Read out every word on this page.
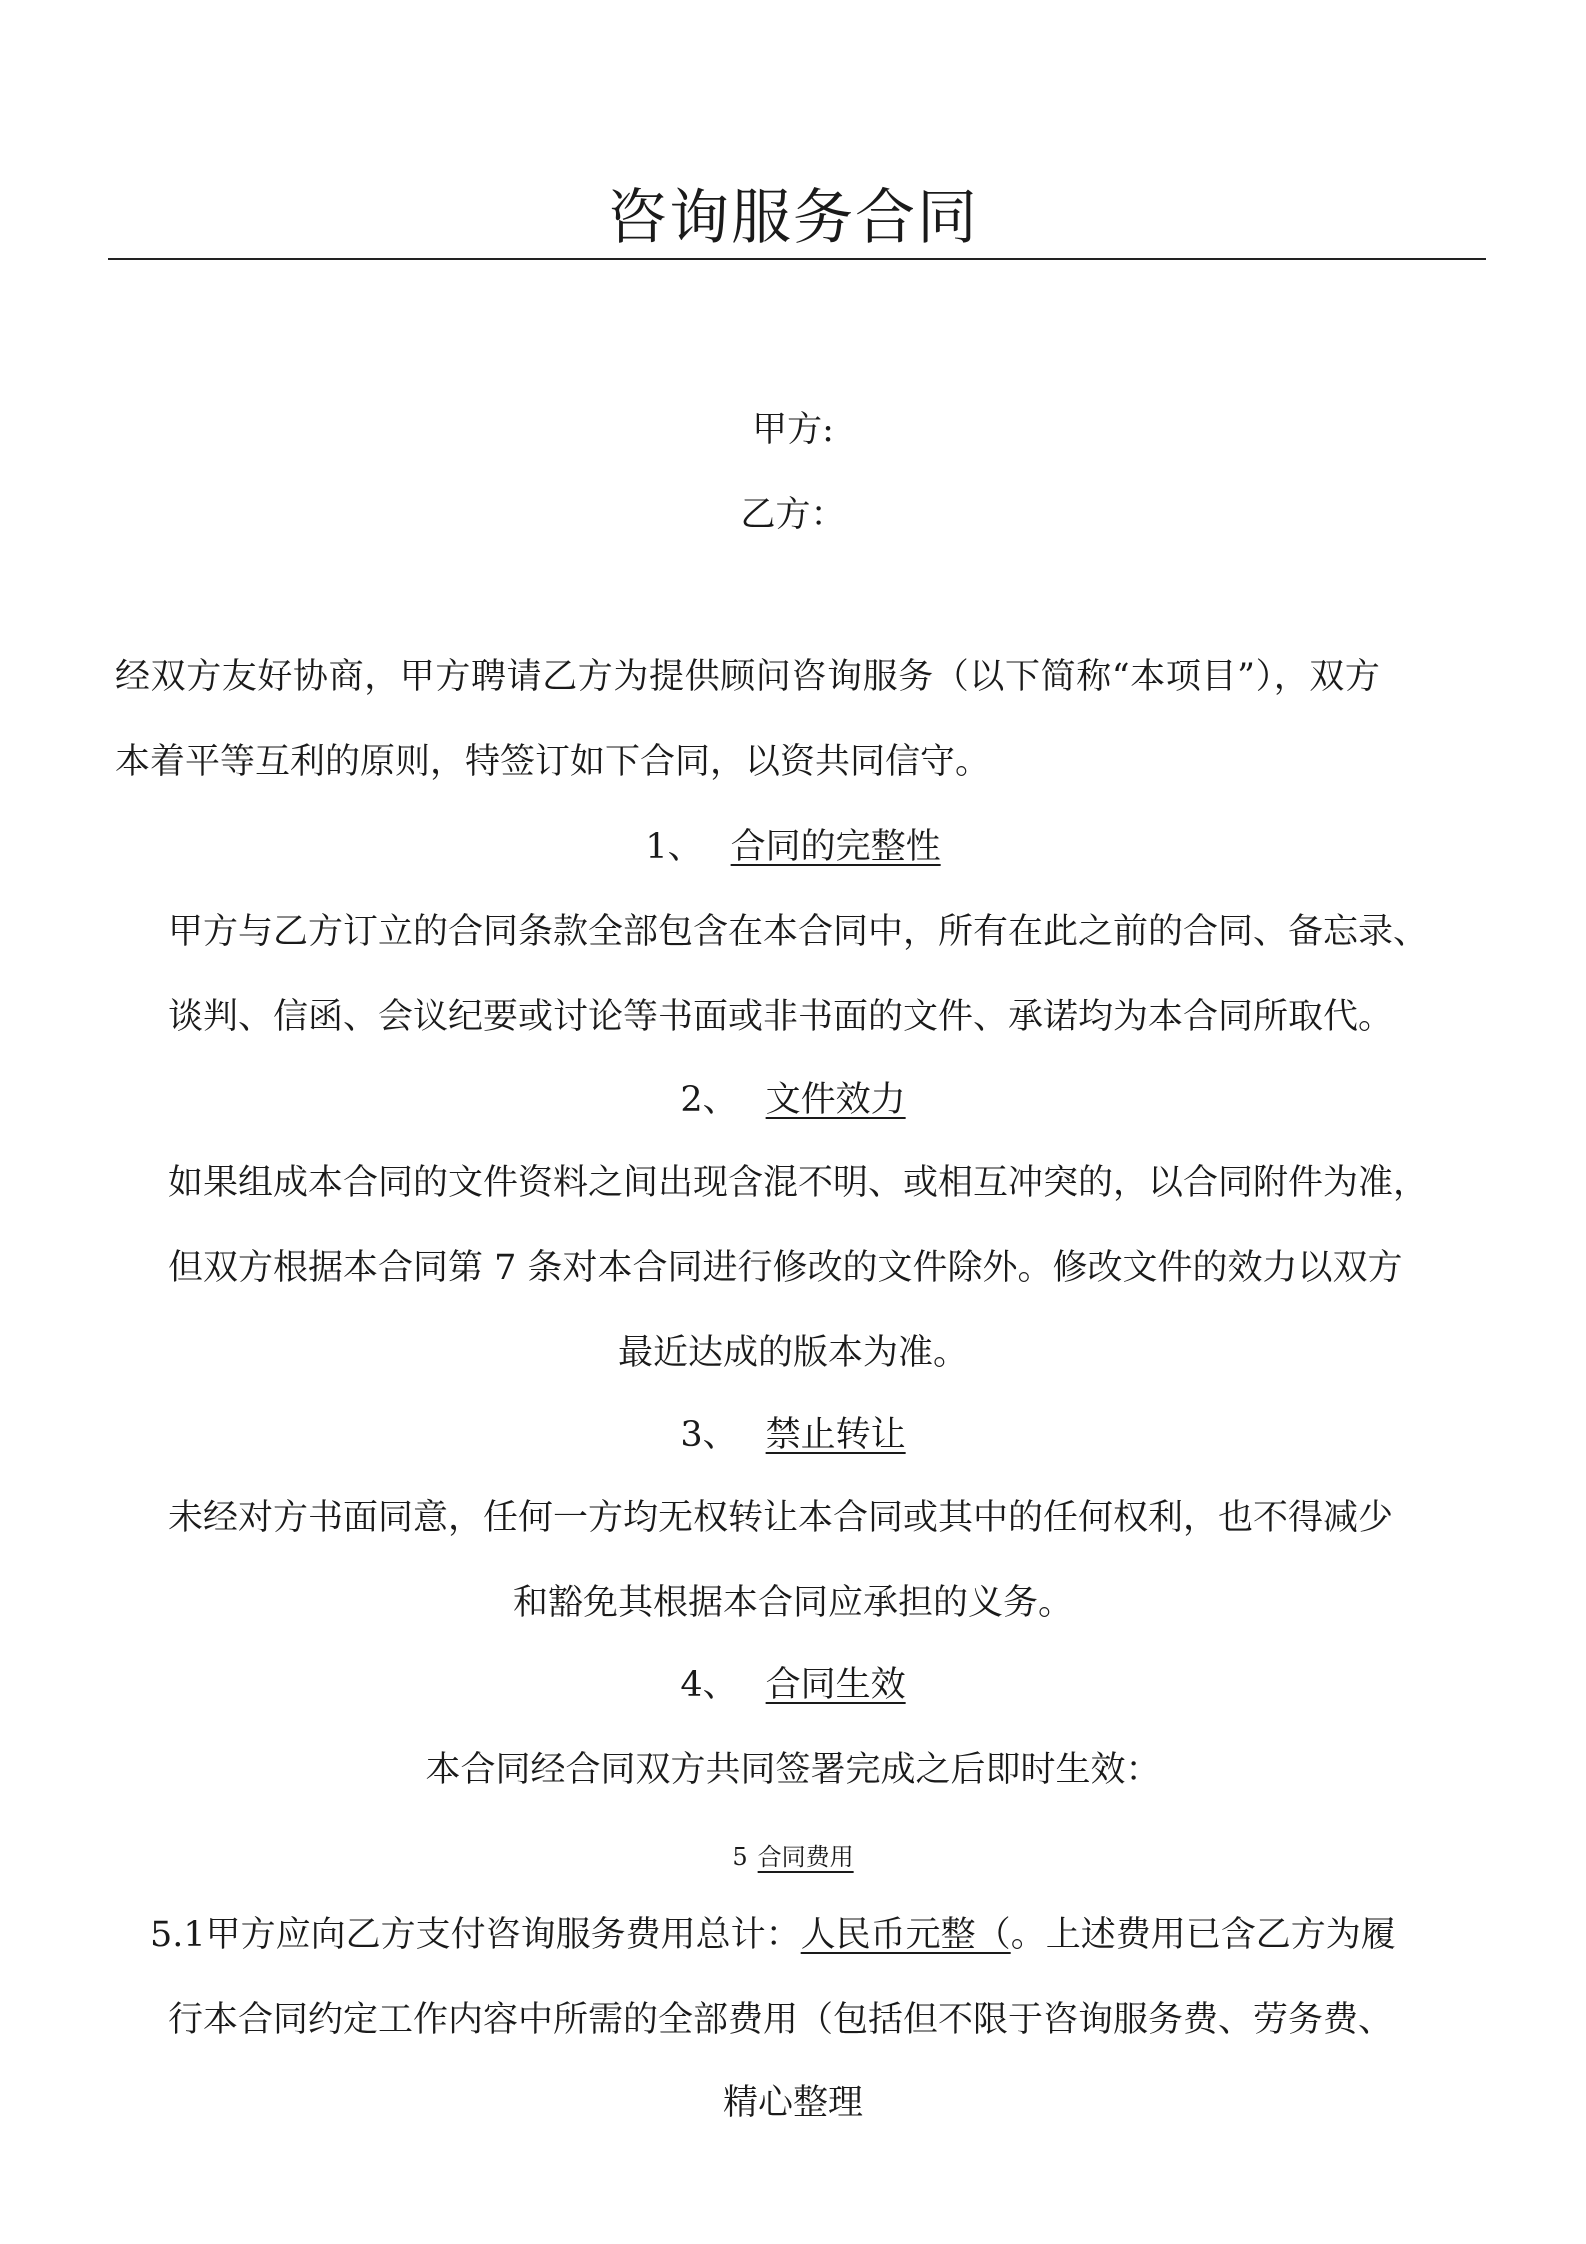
咨询服务合同
甲方:
乙方：
经双方友好协商，甲方聘请乙方为提供顾问咨询服务（以下简称“本项目”），双方
本着平等互利的原则，特签订如下合同，以资共同信守。
1、 合同的完整性
甲方与乙方订立的合同条款全部包含在本合同中，所有在此之前的合同、备忘录、
谈判、信函、会议纪要或讨论等书面或非书面的文件、承诺均为本合同所取代。
2、 文件效力
如果组成本合同的文件资料之间出现含混不明、或相互冲突的，以合同附件为准，
但双方根据本合同第 7 条对本合同进行修改的文件除外。修改文件的效力以双方
最近达成的版本为准。
3、 禁止转让
未经对方书面同意，任何一方均无权转让本合同或其中的任何权利，也不得减少
和豁免其根据本合同应承担的义务。
4、 合同生效
本合同经合同双方共同签署完成之后即时生效：
5 合同费用
5.1甲方应向乙方支付咨询服务费用总计：人民币元整（。上述费用已含乙方为履
行本合同约定工作内容中所需的全部费用（包括但不限于咨询服务费、劳务费、
精心整理
